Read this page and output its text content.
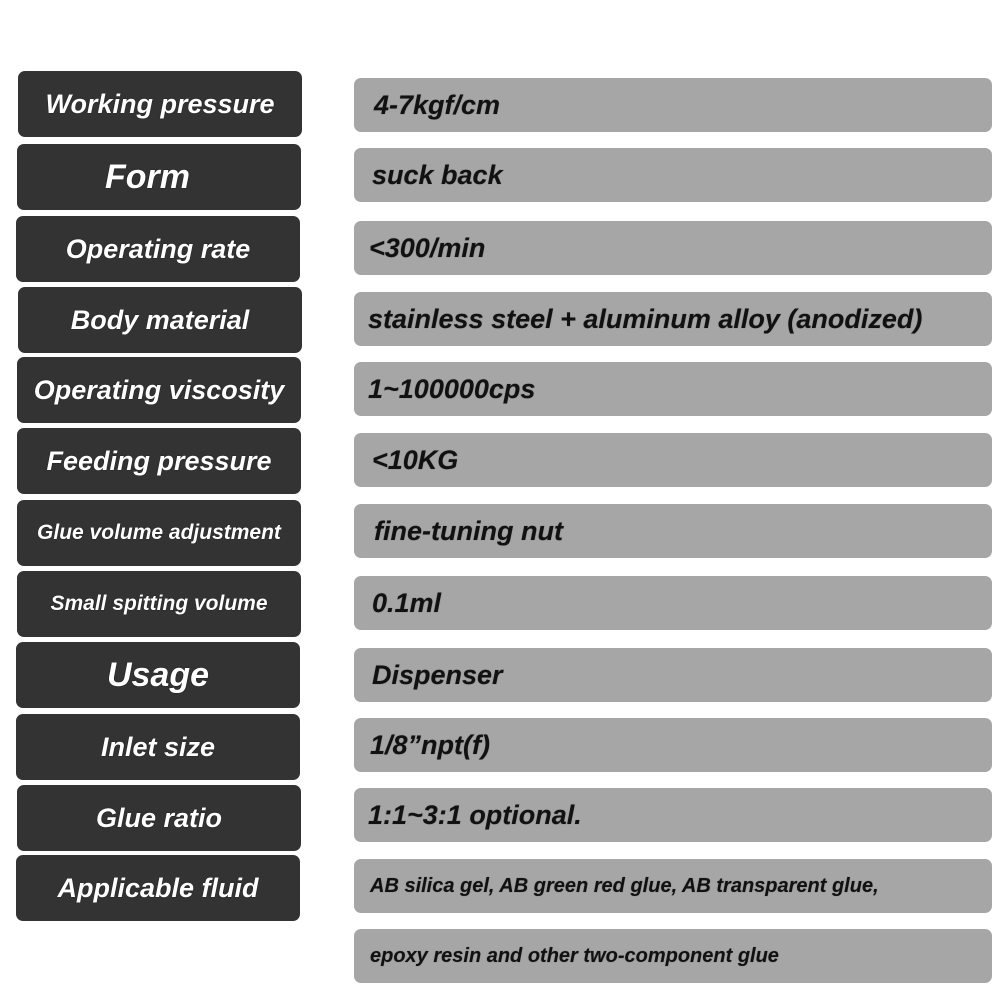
Working pressure	4-7kgf/cm
Form	suck back
Operating rate	<300/min
Body material	stainless steel + aluminum alloy (anodized)
Operating viscosity	1~100000cps
Feeding pressure	<10KG
Glue volume adjustment	fine-tuning nut
Small spitting volume	0.1ml
Usage	Dispenser
Inlet size	1/8”npt(f)
Glue ratio	1:1~3:1 optional.
Applicable fluid	AB silica gel, AB green red glue, AB transparent glue,
epoxy resin and other two-component glue
